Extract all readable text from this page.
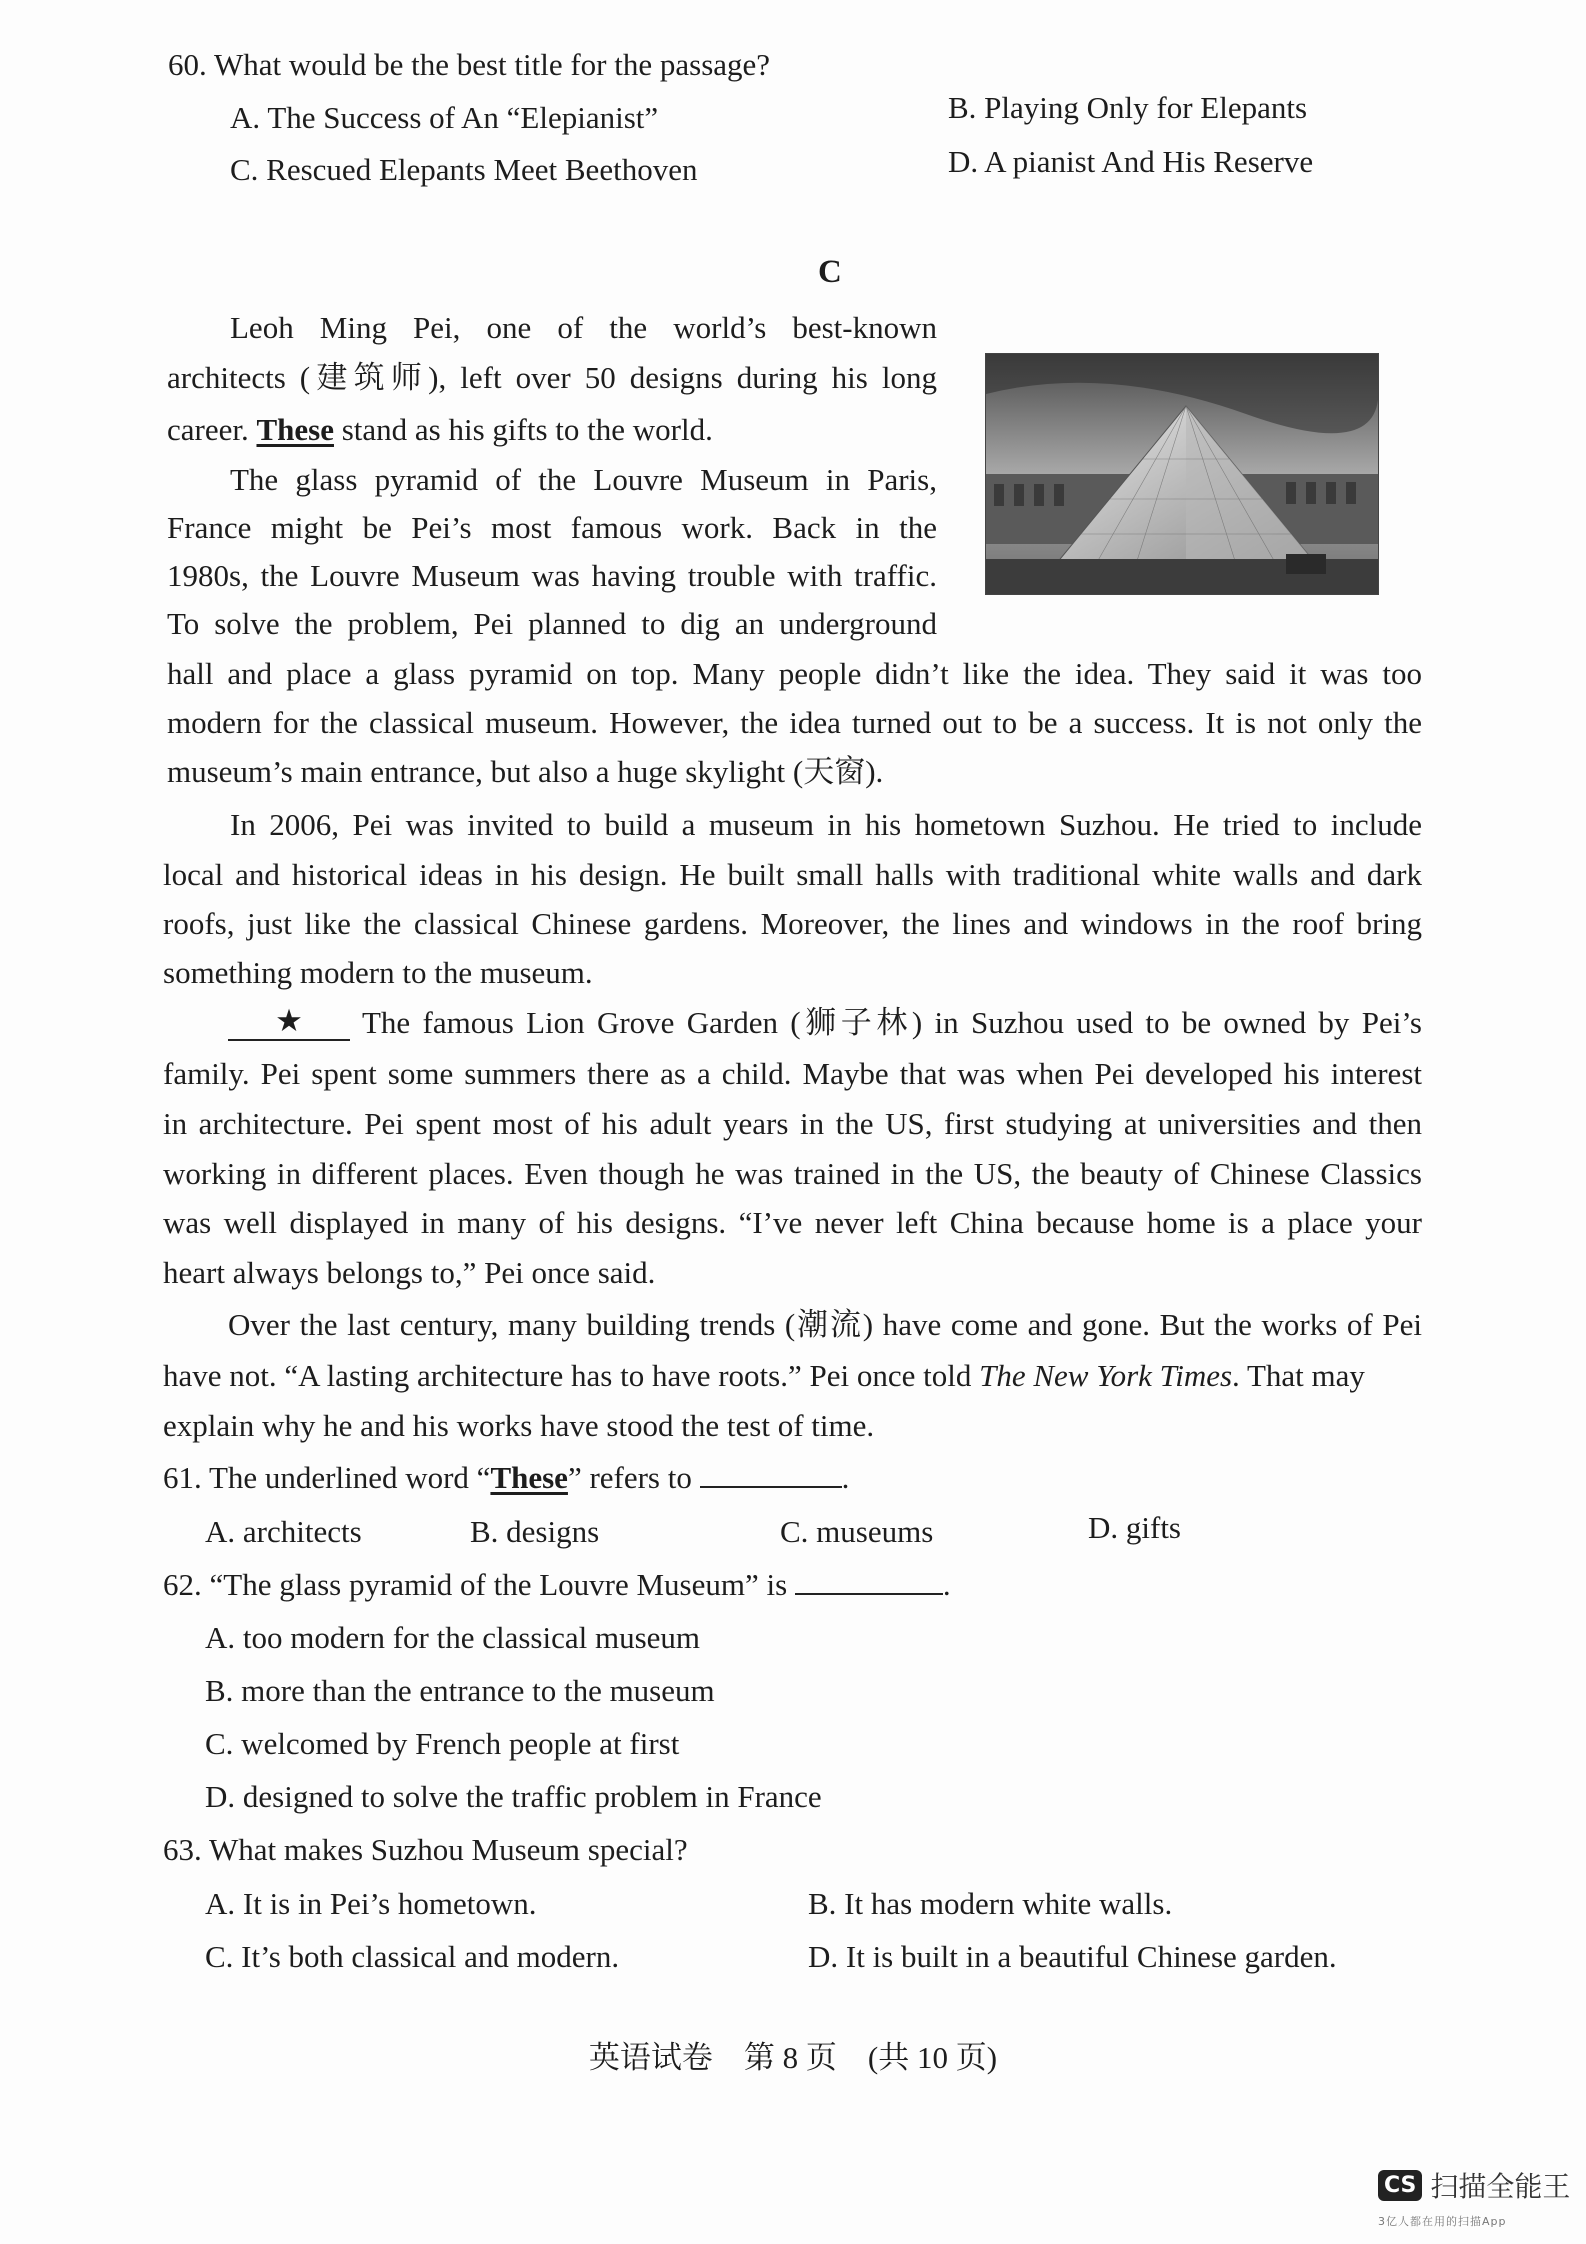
60. What would be the best title for the passage?
A. The Success of An “Elepianist”	B. Playing Only for Elepants
C. Rescued Elepants Meet Beethoven	D. A pianist And His Reserve
C
Leoh Ming Pei, one of the world’s best-known
architects (建筑师), left over 50 designs during his long
career. These stand as his gifts to the world.
The glass pyramid of the Louvre Museum in Paris,
France might be Pei’s most famous work. Back in the
1980s, the Louvre Museum was having trouble with traffic.
To solve the problem, Pei planned to dig an underground
hall and place a glass pyramid on top. Many people didn’t like the idea. They said it was too
modern for the classical museum. However, the idea turned out to be a success. It is not only the
museum’s main entrance, but also a huge skylight (天窗).
In 2006, Pei was invited to build a museum in his hometown Suzhou. He tried to include
local and historical ideas in his design. He built small halls with traditional white walls and dark
roofs, just like the classical Chinese gardens. Moreover, the lines and windows in the roof bring
something modern to the museum.
★	The famous Lion Grove Garden (狮子林) in Suzhou used to be owned by Pei’s
family. Pei spent some summers there as a child. Maybe that was when Pei developed his interest
in architecture. Pei spent most of his adult years in the US, first studying at universities and then
working in different places. Even though he was trained in the US, the beauty of Chinese Classics
was well displayed in many of his designs. “I’ve never left China because home is a place your
heart always belongs to,” Pei once said.
Over the last century, many building trends (潮流) have come and gone. But the works of Pei
have not. “A lasting architecture has to have roots.” Pei once told The New York Times. That may
explain why he and his works have stood the test of time.
61. The underlined word “These” refers to	.
A. architects	B. designs	C. museums	D. gifts
62. “The glass pyramid of the Louvre Museum” is	.
A. too modern for the classical museum
B. more than the entrance to the museum
C. welcomed by French people at first
D. designed to solve the traffic problem in France
63. What makes Suzhou Museum special?
A. It is in Pei’s hometown.	B. It has modern white walls.
C. It’s both classical and modern.	D. It is built in a beautiful Chinese garden.
英语试卷　第 8 页　(共 10 页)
CS 扫描全能王
3亿人都在用的扫描App
